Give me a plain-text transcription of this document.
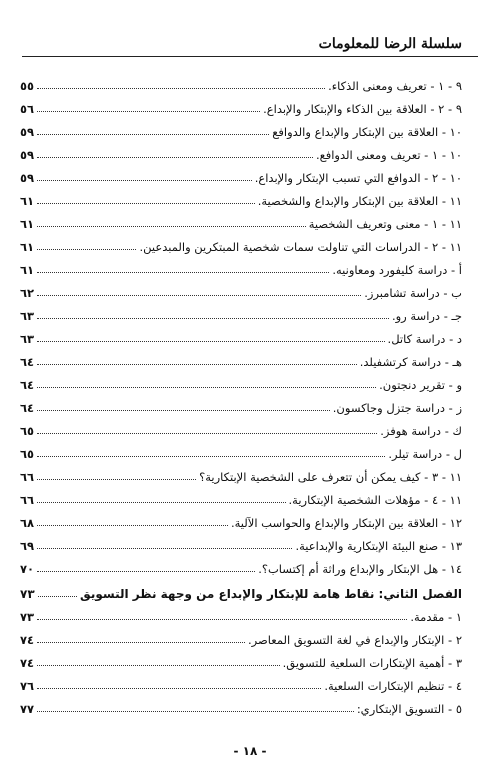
سلسلة الرضا للمعلومات
٩ - ١ - تعريف ومعنى الذكاء.
٥٥
٩ - ٢ - العلاقة بين الذكاء والإبتكار والإبداع.
٥٦
١٠ - العلاقة بين الإبتكار والإبداع والدوافع
٥٩
١٠ - ١ - تعريف ومعنى الدوافع.
٥٩
١٠ - ٢ - الدوافع التي تسبب الإبتكار والإبداع.
٥٩
١١ - العلاقة بين الإبتكار والإبداع والشخصية.
٦١
١١ - ١ - معنى وتعريف الشخصية
٦١
١١ - ٢ - الدراسات التي تناولت سمات شخصية المبتكرين والمبدعين.
٦١
أ - دراسة كليفورد ومعاونيه.
٦١
ب - دراسة تشامبرز.
٦٢
جـ - دراسة رو.
٦٣
د - دراسة كاتل.
٦٣
هـ - دراسة كرتشفيلد.
٦٤
و - تقرير دنجتون.
٦٤
ز - دراسة جتزل وجاكسون.
٦٤
ك - دراسة هوفز.
٦٥
ل - دراسة تيلر.
٦٥
١١ - ٣ - كيف يمكن أن تتعرف على الشخصية الإبتكارية؟
٦٦
١١ - ٤ - مؤهلات الشخصية الإبتكارية.
٦٦
١٢ - العلاقة بين الإبتكار والإبداع والحواسب الآلية.
٦٨
١٣ - صنع البيئة الإبتكارية والإبداعية.
٦٩
١٤ - هل الإبتكار والإبداع وراثة أم إكتساب؟.
٧٠
الفصل الثاني: نقاط هامة للإبتكار والإبداع من وجهة نظر التسويق
٧٣
١ - مقدمة.
٧٣
٢ - الإبتكار والإبداع في لغة التسويق المعاصر.
٧٤
٣ - أهمية الإبتكارات السلعية للتسويق.
٧٤
٤ - تنظيم الإبتكارات السلعية.
٧٦
٥ - التسويق الإبتكاري:
٧٧
- ١٨ -
